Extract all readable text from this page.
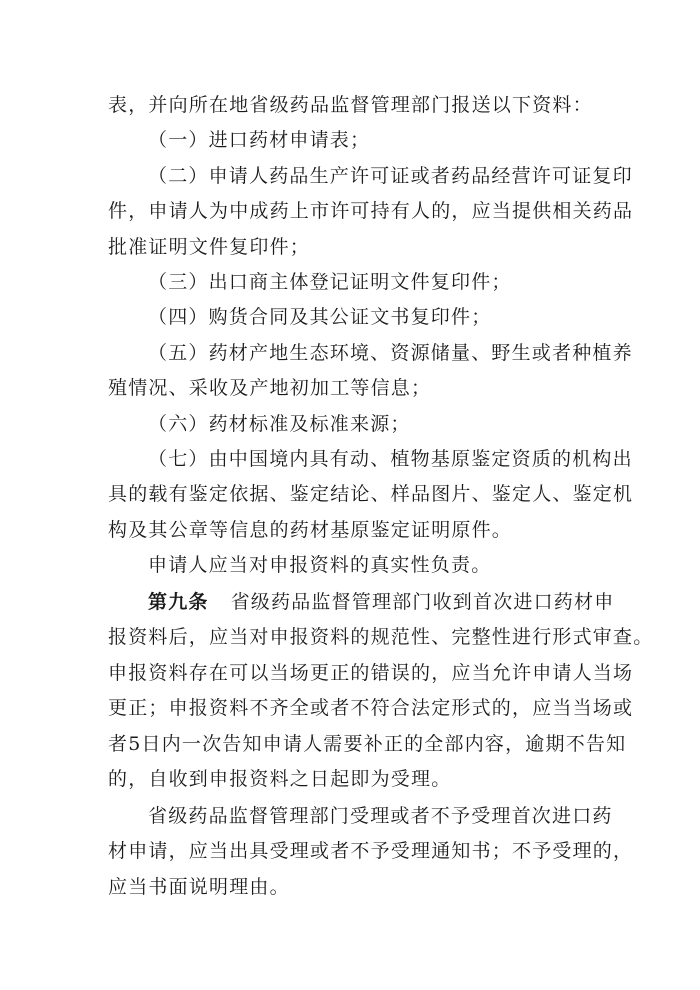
表，并向所在地省级药品监督管理部门报送以下资料：
（一）进口药材申请表；
（二）申请人药品生产许可证或者药品经营许可证复印
件，申请人为中成药上市许可持有人的，应当提供相关药品
批准证明文件复印件；
（三）出口商主体登记证明文件复印件；
（四）购货合同及其公证文书复印件；
（五）药材产地生态环境、资源储量、野生或者种植养
殖情况、采收及产地初加工等信息；
（六）药材标准及标准来源；
（七）由中国境内具有动、植物基原鉴定资质的机构出
具的载有鉴定依据、鉴定结论、样品图片、鉴定人、鉴定机
构及其公章等信息的药材基原鉴定证明原件。
申请人应当对申报资料的真实性负责。
第九条 省级药品监督管理部门收到首次进口药材申
报资料后，应当对申报资料的规范性、完整性进行形式审查。
申报资料存在可以当场更正的错误的，应当允许申请人当场
更正；申报资料不齐全或者不符合法定形式的，应当当场或
者5日内一次告知申请人需要补正的全部内容，逾期不告知
的，自收到申报资料之日起即为受理。
省级药品监督管理部门受理或者不予受理首次进口药
材申请，应当出具受理或者不予受理通知书；不予受理的，
应当书面说明理由。
